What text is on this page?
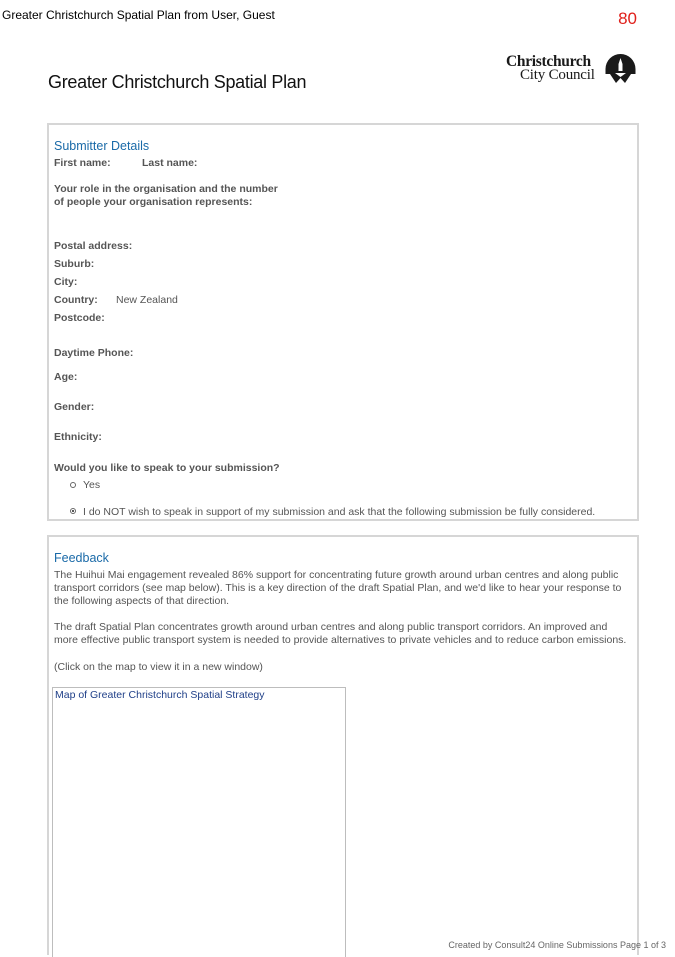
Greater Christchurch Spatial Plan from User, Guest	80
Greater Christchurch Spatial Plan
Christchurch
City Council
Submitter Details
First name:	Last name:
Your role in the organisation and the number
of people your organisation represents:
Postal address:
Suburb:
City:
Country: New Zealand
Postcode:
Daytime Phone:
Age:
Gender:
Ethnicity:
Would you like to speak to your submission?
Yes
I do NOT wish to speak in support of my submission and ask that the following submission be fully considered.
Feedback
The Huihui Mai engagement revealed 86% support for concentrating future growth around urban centres and along public transport corridors (see map below). This is a key direction of the draft Spatial Plan, and we'd like to hear your response to the following aspects of that direction.
The draft Spatial Plan concentrates growth around urban centres and along public transport corridors. An improved and more effective public transport system is needed to provide alternatives to private vehicles and to reduce carbon emissions.
(Click on the map to view it in a new window)
Map of Greater Christchurch Spatial Strategy
Created by Consult24 Online Submissions Page 1 of 3
